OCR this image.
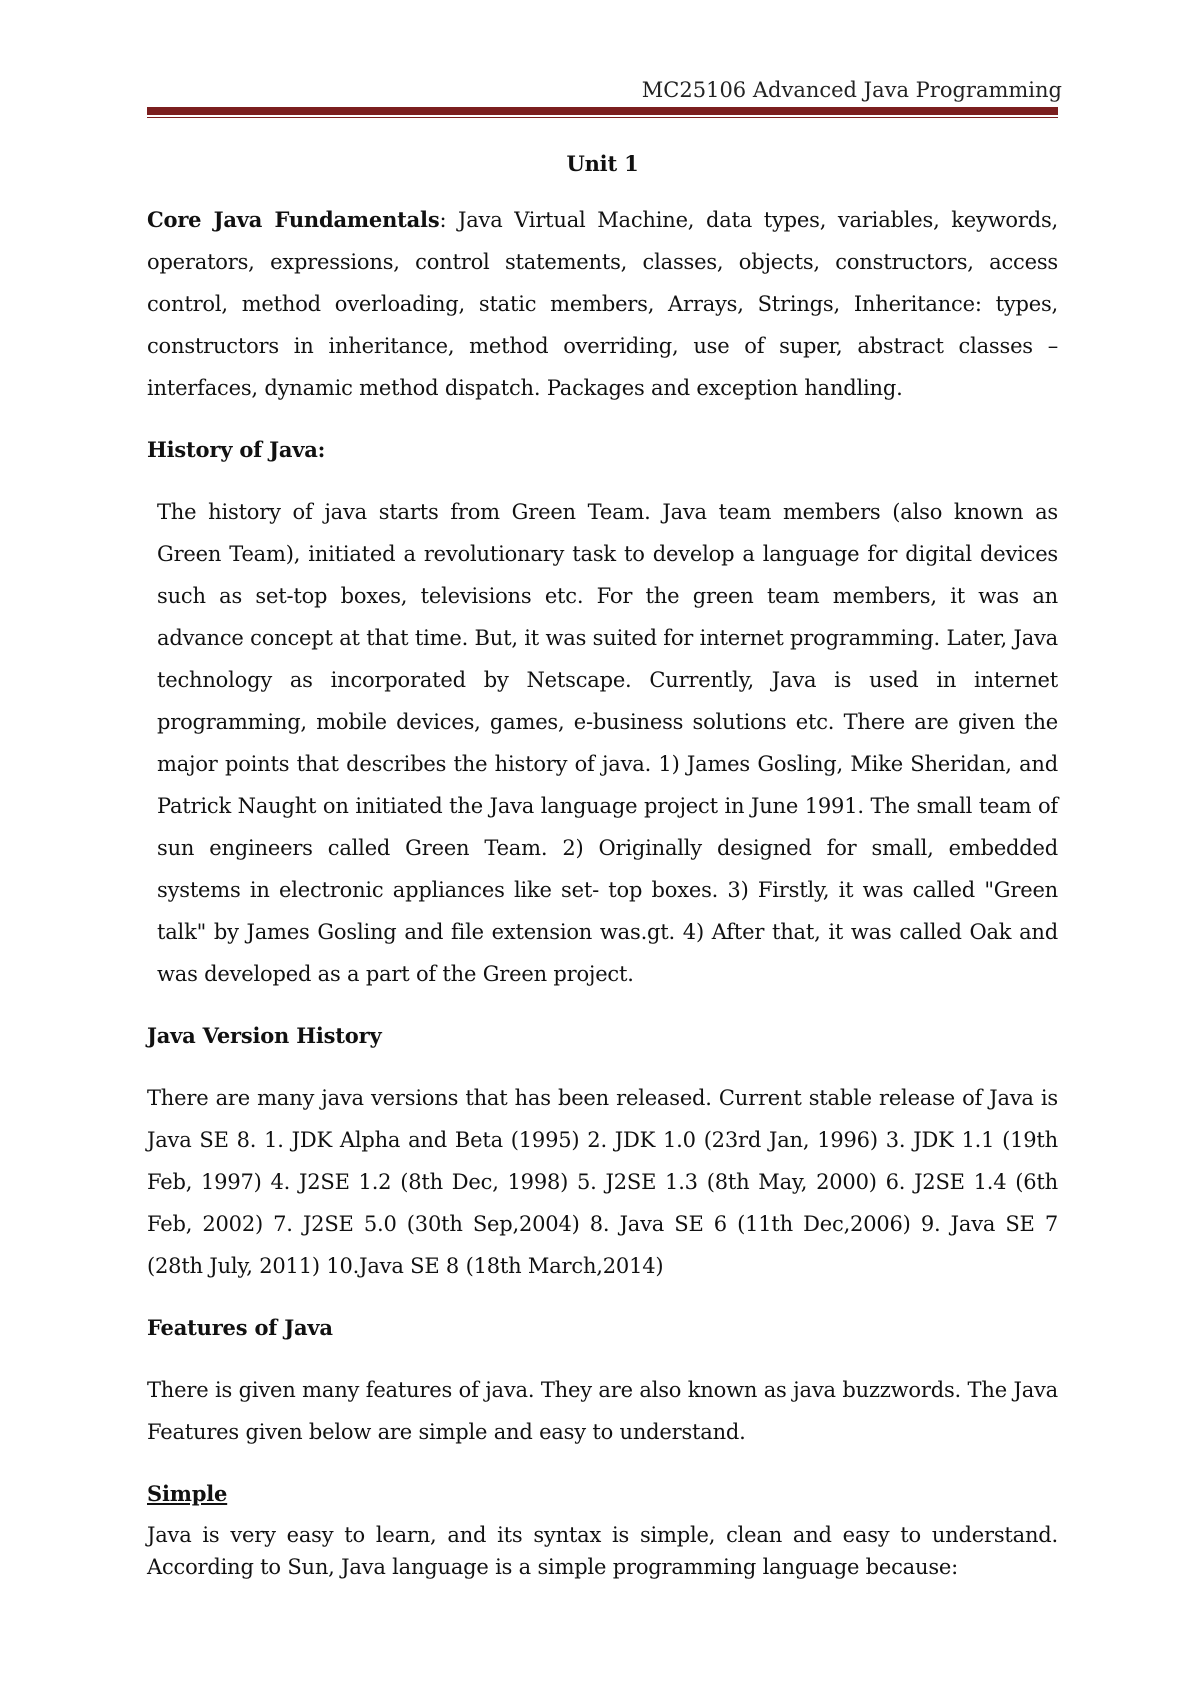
MC25106 Advanced Java Programming
Unit 1
Core Java Fundamentals: Java Virtual Machine, data types, variables, keywords, operators, expressions, control statements, classes, objects, constructors, access control, method overloading, static members, Arrays, Strings, Inheritance: types, constructors in inheritance, method overriding, use of super, abstract classes – interfaces, dynamic method dispatch. Packages and exception handling.
History of Java:
The history of java starts from Green Team. Java team members (also known as Green Team), initiated a revolutionary task to develop a language for digital devices such as set-top boxes, televisions etc. For the green team members, it was an advance concept at that time. But, it was suited for internet programming. Later, Java technology as incorporated by Netscape. Currently, Java is used in internet programming, mobile devices, games, e-business solutions etc. There are given the major points that describes the history of java. 1) James Gosling, Mike Sheridan, and Patrick Naught on initiated the Java language project in June 1991. The small team of sun engineers called Green Team. 2) Originally designed for small, embedded systems in electronic appliances like set- top boxes. 3) Firstly, it was called "Green talk" by James Gosling and file extension was.gt. 4) After that, it was called Oak and was developed as a part of the Green project.
Java Version History
There are many java versions that has been released. Current stable release of Java is Java SE 8. 1. JDK Alpha and Beta (1995) 2. JDK 1.0 (23rd Jan, 1996) 3. JDK 1.1 (19th Feb, 1997) 4. J2SE 1.2 (8th Dec, 1998) 5. J2SE 1.3 (8th May, 2000) 6. J2SE 1.4 (6th Feb, 2002) 7. J2SE 5.0 (30th Sep,2004) 8. Java SE 6 (11th Dec,2006) 9. Java SE 7 (28th July, 2011) 10.Java SE 8 (18th March,2014)
Features of Java
There is given many features of java. They are also known as java buzzwords. The Java Features given below are simple and easy to understand.
Simple
Java is very easy to learn, and its syntax is simple, clean and easy to understand. According to Sun, Java language is a simple programming language because:
